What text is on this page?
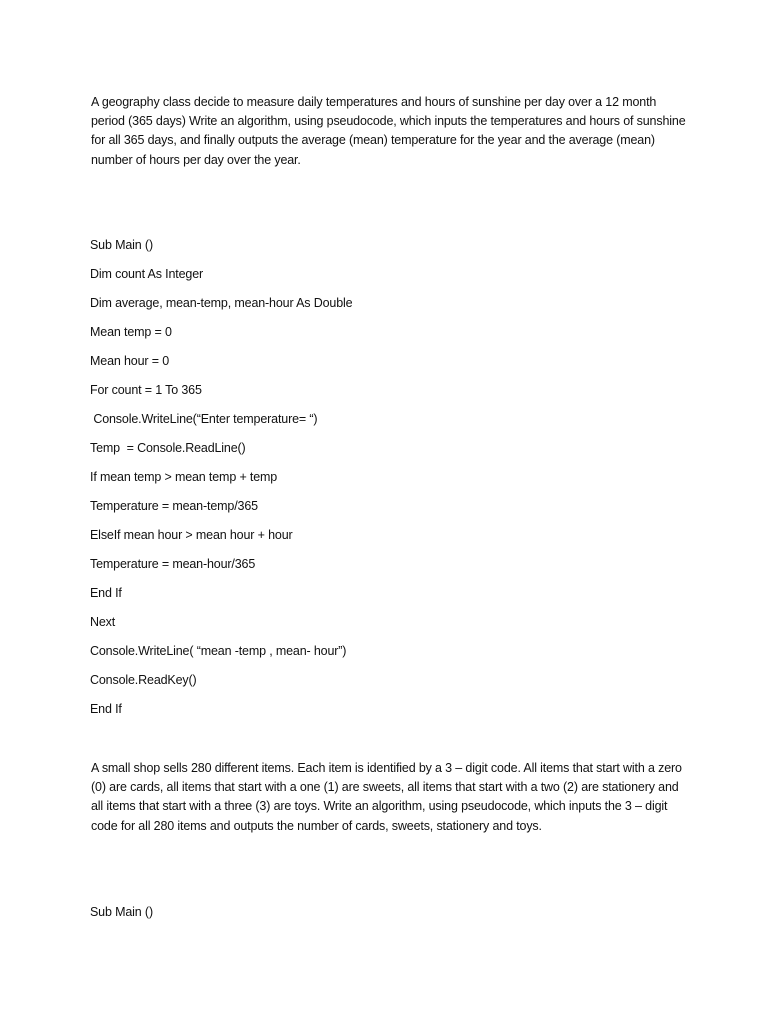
A geography class decide to measure daily temperatures and hours of sunshine per day over a 12 month period (365 days) Write an algorithm, using pseudocode, which inputs the temperatures and hours of sunshine for all 365 days, and finally outputs the average (mean) temperature for the year and the average (mean) number of hours per day over the year.

Sub Main ()

Dim count As Integer

Dim average, mean-temp, mean-hour As Double

Mean temp = 0

Mean hour = 0

For count = 1 To 365

Console.WriteLine(“Enter temperature= “)

Temp  = Console.ReadLine()

If mean temp > mean temp + temp

Temperature = mean-temp/365

ElseIf mean hour > mean hour + hour

Temperature = mean-hour/365

End If

Next

Console.WriteLine( “mean -temp , mean- hour”)

Console.ReadKey()

End If

A small shop sells 280 different items. Each item is identified by a 3 – digit code. All items that start with a zero (0) are cards, all items that start with a one (1) are sweets, all items that start with a two (2) are stationery and all items that start with a three (3) are toys. Write an algorithm, using pseudocode, which inputs the 3 – digit code for all 280 items and outputs the number of cards, sweets, stationery and toys.

Sub Main ()
